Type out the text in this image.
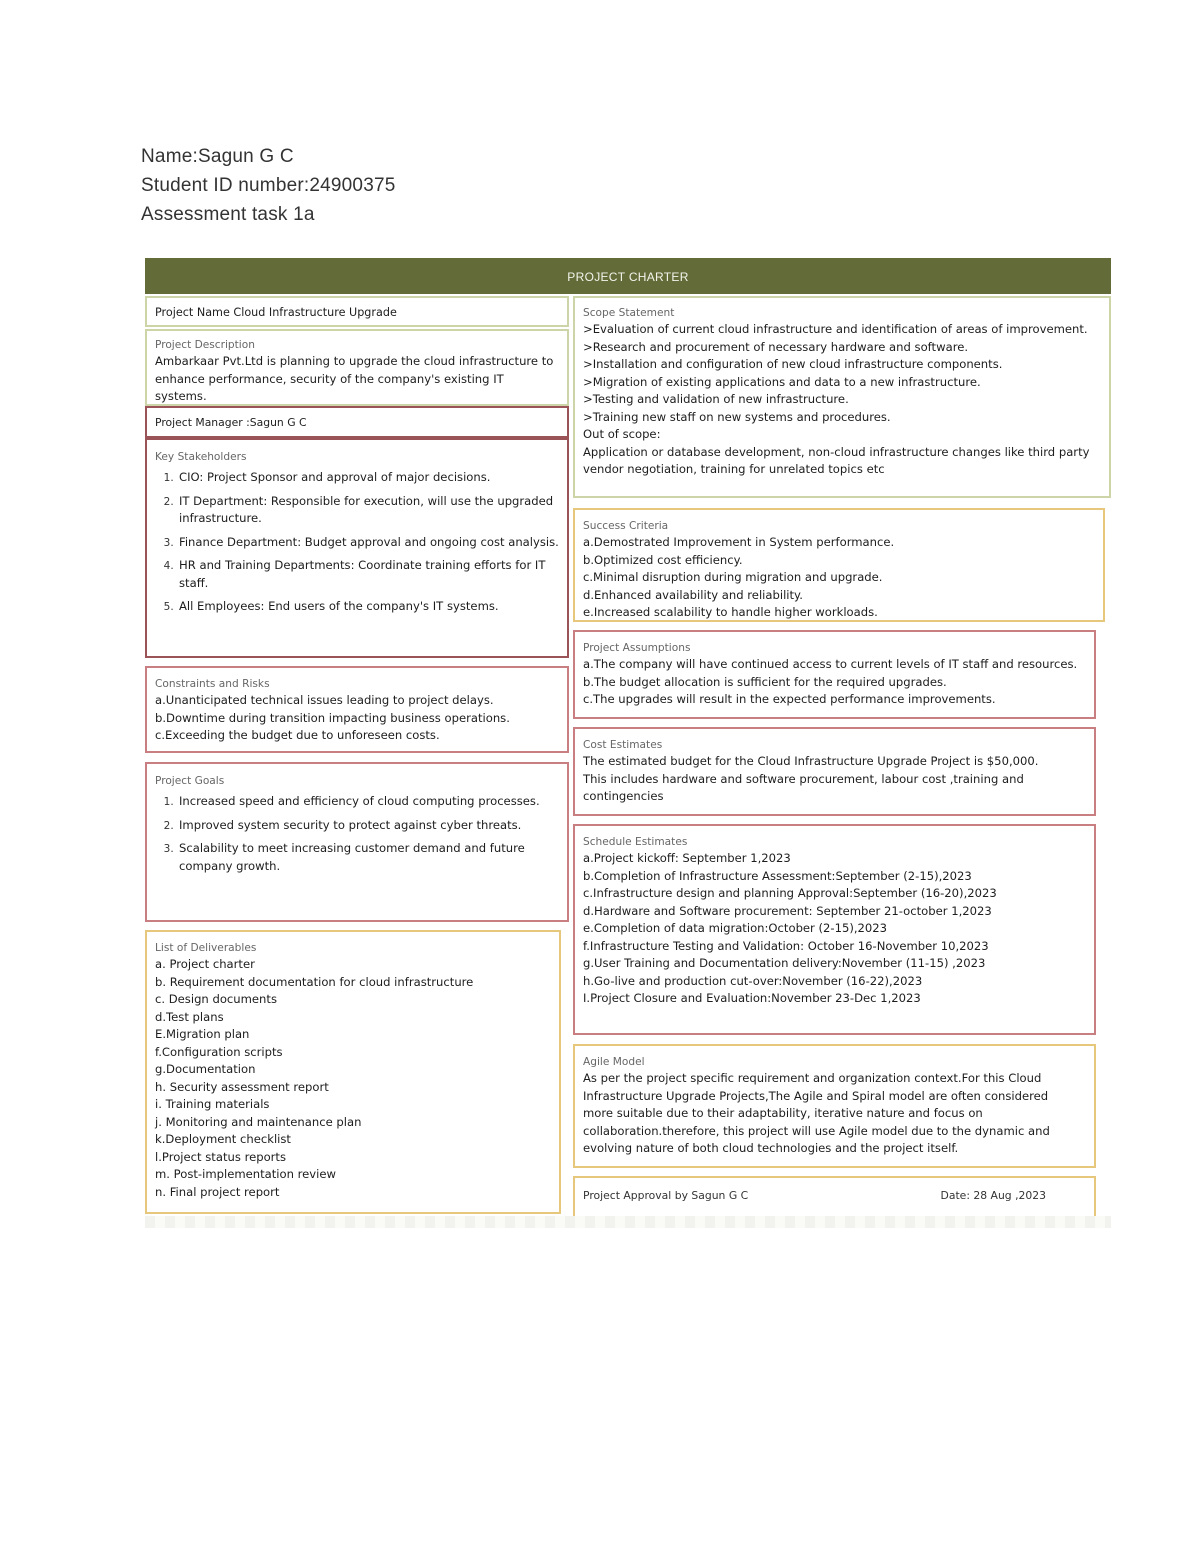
Name:Sagun G C
Student ID number:24900375
Assessment task 1a
PROJECT CHARTER
Project Name Cloud Infrastructure Upgrade
Project Description
Ambarkaar Pvt.Ltd is planning to upgrade the cloud infrastructure to enhance performance, security of the company's existing IT systems.
Project Manager :Sagun G C
Key Stakeholders
1. CIO: Project Sponsor and approval of major decisions.
2. IT Department: Responsible for execution, will use the upgraded infrastructure.
3. Finance Department: Budget approval and ongoing cost analysis.
4. HR and Training Departments: Coordinate training efforts for IT staff.
5. All Employees: End users of the company's IT systems.
Constraints and Risks
a.Unanticipated technical issues leading to project delays.
b.Downtime during transition impacting business operations.
c.Exceeding the budget due to unforeseen costs.
Project Goals
1. Increased speed and efficiency of cloud computing processes.
2. Improved system security to protect against cyber threats.
3. Scalability to meet increasing customer demand and future company growth.
List of Deliverables
a. Project charter
b. Requirement documentation for cloud infrastructure
c. Design documents
d.Test plans
E.Migration plan
f.Configuration scripts
g.Documentation
h. Security assessment report
i. Training materials
j. Monitoring and maintenance plan
k.Deployment checklist
l.Project status reports
m. Post-implementation review
n. Final project report
Scope Statement
>Evaluation of current cloud infrastructure and identification of areas of improvement.
>Research and procurement of necessary hardware and software.
>Installation and configuration of new cloud infrastructure components.
>Migration of existing applications and data to a new infrastructure.
>Testing and validation of new infrastructure.
>Training new staff on new systems and procedures.
Out of scope:
Application or database development, non-cloud infrastructure changes like third party vendor negotiation, training for unrelated topics etc
Success Criteria
a.Demostrated Improvement in System performance.
b.Optimized cost efficiency.
c.Minimal disruption during migration and upgrade.
d.Enhanced availability and reliability.
e.Increased scalability to handle higher workloads.
Project Assumptions
a.The company will have continued access to current levels of IT staff and resources.
b.The budget allocation is sufficient for the required upgrades.
c.The upgrades will result in the expected performance improvements.
Cost Estimates
The estimated budget for the Cloud Infrastructure Upgrade Project is $50,000. This includes hardware and software procurement, labour cost ,training and contingencies
Schedule Estimates
a.Project kickoff: September 1,2023
b.Completion of Infrastructure Assessment:September (2-15),2023
c.Infrastructure design and planning Approval:September (16-20),2023
d.Hardware and Software procurement: September 21-october 1,2023
e.Completion of data migration:October (2-15),2023
f.Infrastructure Testing and Validation: October 16-November 10,2023
g.User Training and Documentation delivery:November (11-15) ,2023
h.Go-live and production cut-over:November (16-22),2023
I.Project Closure and Evaluation:November 23-Dec 1,2023
Agile Model
As per the project specific requirement and organization context.For this Cloud Infrastructure Upgrade Projects,The Agile and Spiral model are often considered more suitable due to their adaptability, iterative nature and focus on collaboration.therefore, this project will use Agile model due to the dynamic and evolving nature of both cloud technologies and the project itself.
Project Approval by Sagun G C	Date: 28 Aug ,2023
